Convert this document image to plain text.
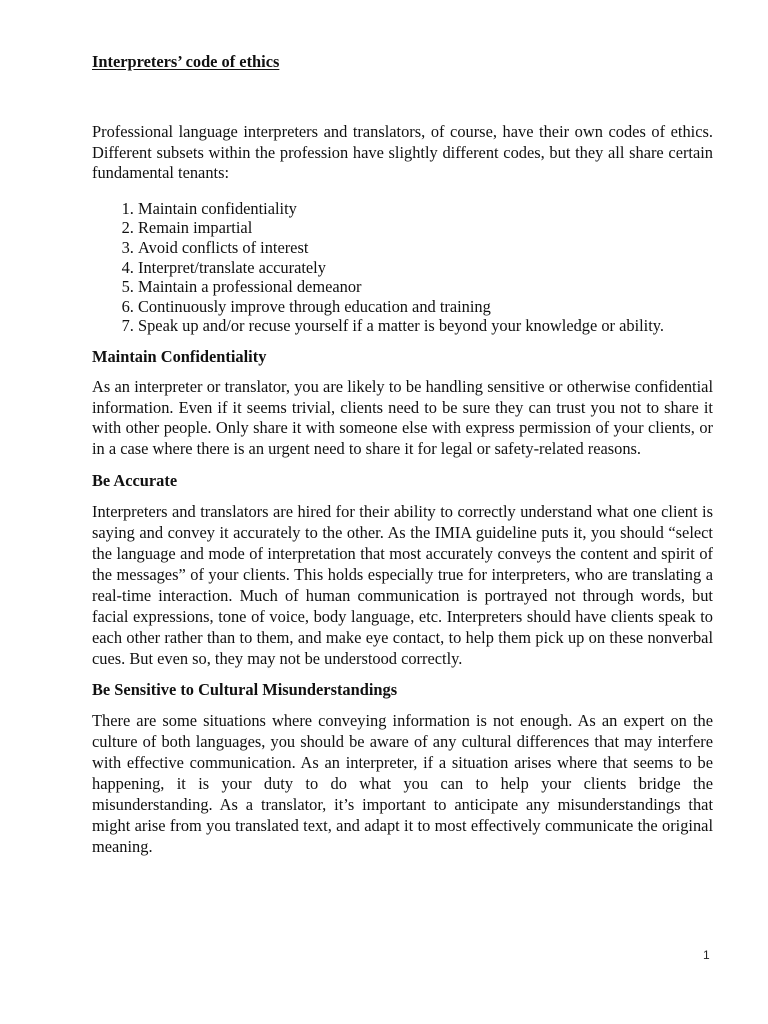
Interpreters’ code of ethics

Professional language interpreters and translators, of course, have their own codes of ethics. Different subsets within the profession have slightly different codes, but they all share certain fundamental tenants:

1. Maintain confidentiality
2. Remain impartial
3. Avoid conflicts of interest
4. Interpret/translate accurately
5. Maintain a professional demeanor
6. Continuously improve through education and training
7. Speak up and/or recuse yourself if a matter is beyond your knowledge or ability.
Maintain Confidentiality

As an interpreter or translator, you are likely to be handling sensitive or otherwise confidential information. Even if it seems trivial, clients need to be sure they can trust you not to share it with other people. Only share it with someone else with express permission of your clients, or in a case where there is an urgent need to share it for legal or safety-related reasons.

Be Accurate

Interpreters and translators are hired for their ability to correctly understand what one client is saying and convey it accurately to the other. As the IMIA guideline puts it, you should “select the language and mode of interpretation that most accurately conveys the content and spirit of the messages” of your clients. This holds especially true for interpreters, who are translating a real-time interaction. Much of human communication is portrayed not through words, but facial expressions, tone of voice, body language, etc. Interpreters should have clients speak to each other rather than to them, and make eye contact, to help them pick up on these nonverbal cues. But even so, they may not be understood correctly.

Be Sensitive to Cultural Misunderstandings

There are some situations where conveying information is not enough. As an expert on the culture of both languages, you should be aware of any cultural differences that may interfere with effective communication. As an interpreter, if a situation arises where that seems to be happening, it is your duty to do what you can to help your clients bridge the misunderstanding. As a translator, it’s important to anticipate any misunderstandings that might arise from you translated text, and adapt it to most effectively communicate the original meaning.

1
